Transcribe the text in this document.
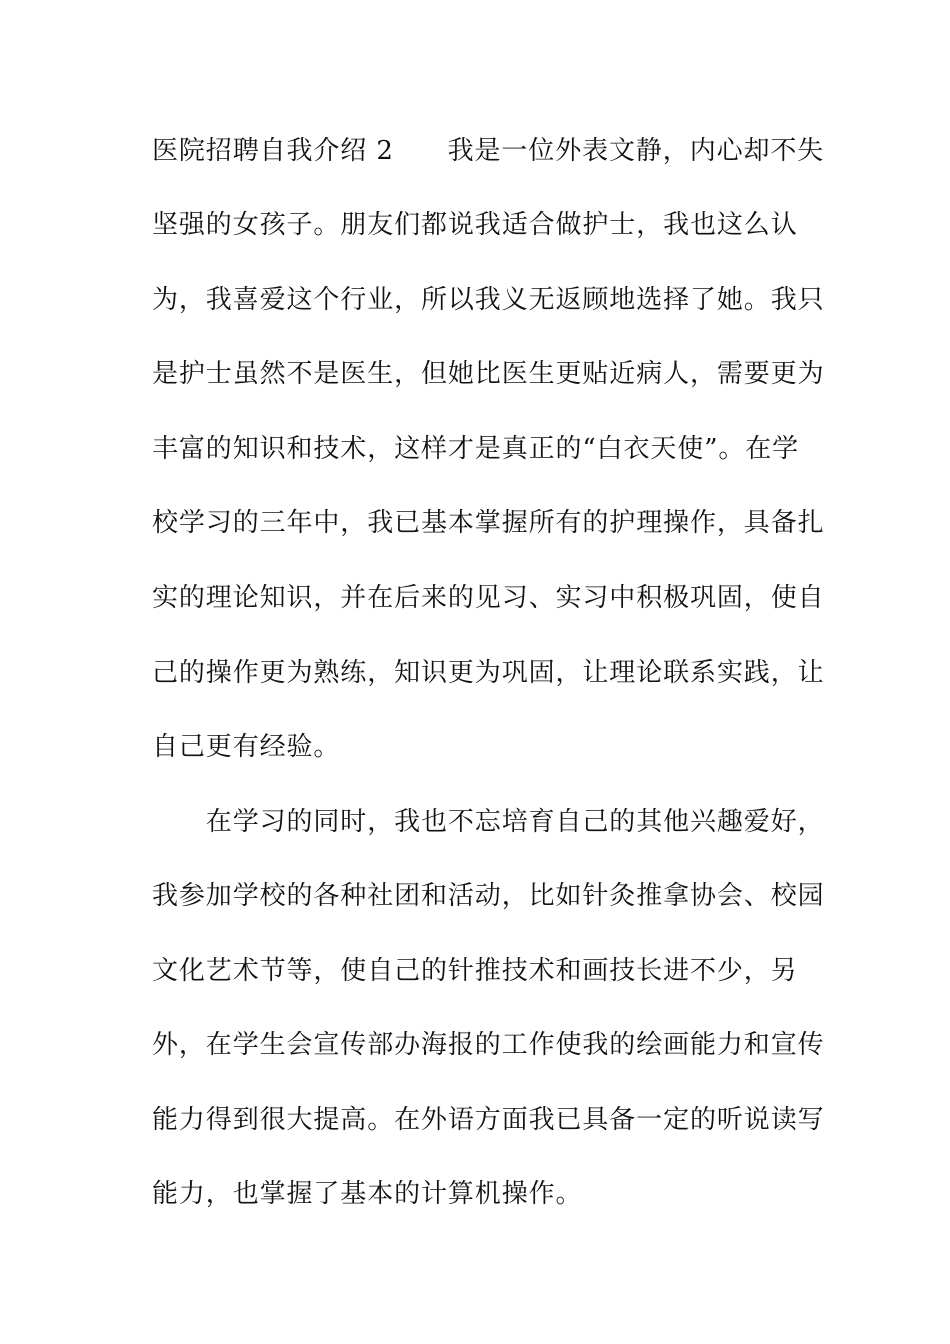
医院招聘自我介绍 2　　我是一位外表文静，内心却不失
坚强的女孩子。朋友们都说我适合做护士，我也这么认
为，我喜爱这个行业，所以我义无返顾地选择了她。我只
是护士虽然不是医生，但她比医生更贴近病人，需要更为
丰富的知识和技术，这样才是真正的“白衣天使”。在学
校学习的三年中，我已基本掌握所有的护理操作，具备扎
实的理论知识，并在后来的见习、实习中积极巩固，使自
己的操作更为熟练，知识更为巩固，让理论联系实践，让
自己更有经验。
　　在学习的同时，我也不忘培育自己的其他兴趣爱好，
我参加学校的各种社团和活动，比如针灸推拿协会、校园
文化艺术节等，使自己的针推技术和画技长进不少，另
外，在学生会宣传部办海报的工作使我的绘画能力和宣传
能力得到很大提高。在外语方面我已具备一定的听说读写
能力，也掌握了基本的计算机操作。
